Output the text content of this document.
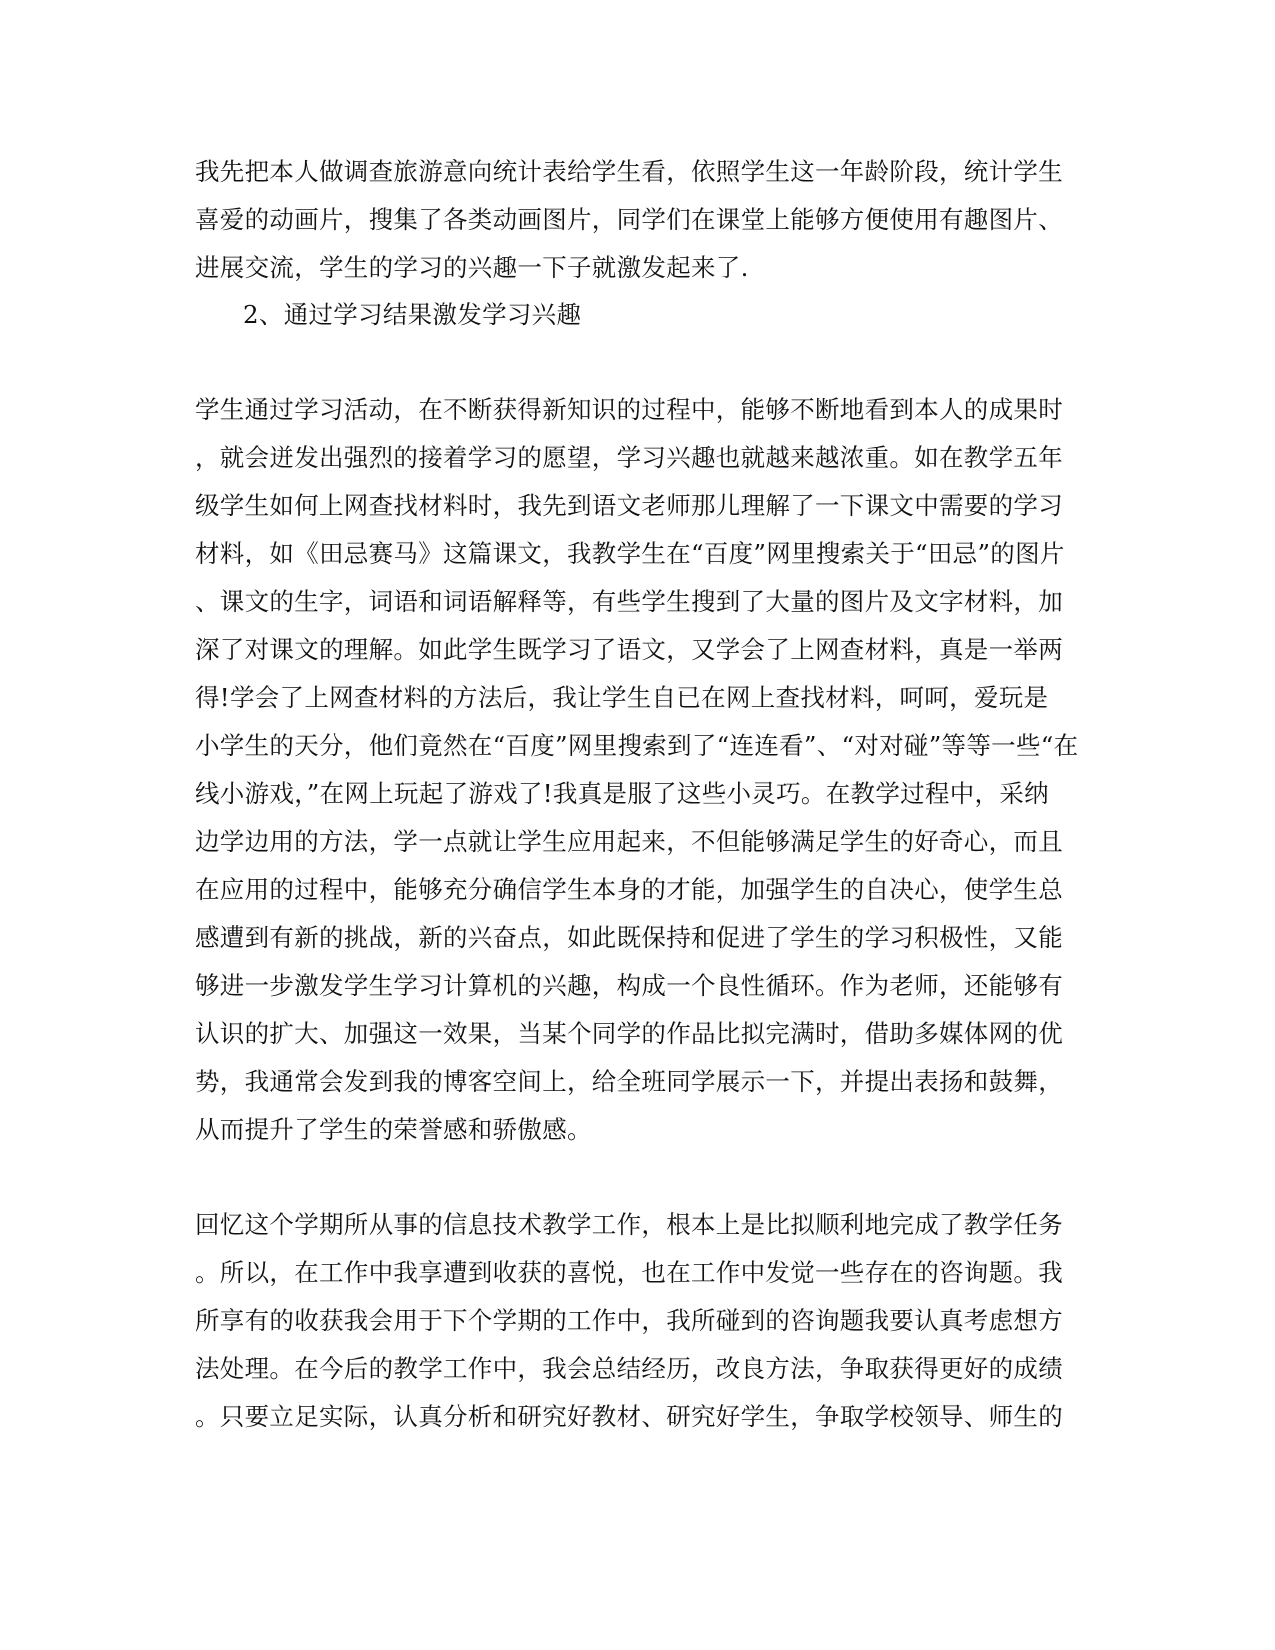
我先把本人做调查旅游意向统计表给学生看，依照学生这一年龄阶段，统计学生
喜爱的动画片，搜集了各类动画图片，同学们在课堂上能够方便使用有趣图片、
进展交流，学生的学习的兴趣一下子就激发起来了.
2、通过学习结果激发学习兴趣
学生通过学习活动，在不断获得新知识的过程中，能够不断地看到本人的成果时
，就会迸发出强烈的接着学习的愿望，学习兴趣也就越来越浓重。如在教学五年
级学生如何上网查找材料时，我先到语文老师那儿理解了一下课文中需要的学习
材料，如《田忌赛马》这篇课文，我教学生在“百度”网里搜索关于“田忌”的图片
、课文的生字，词语和词语解释等，有些学生搜到了大量的图片及文字材料，加
深了对课文的理解。如此学生既学习了语文，又学会了上网查材料，真是一举两
得!学会了上网查材料的方法后，我让学生自已在网上查找材料，呵呵，爱玩是
小学生的天分，他们竟然在“百度”网里搜索到了“连连看”、“对对碰”等等一些“在
线小游戏，”在网上玩起了游戏了!我真是服了这些小灵巧。在教学过程中，采纳
边学边用的方法，学一点就让学生应用起来，不但能够满足学生的好奇心，而且
在应用的过程中，能够充分确信学生本身的才能，加强学生的自决心，使学生总
感遭到有新的挑战，新的兴奋点，如此既保持和促进了学生的学习积极性，又能
够进一步激发学生学习计算机的兴趣，构成一个良性循环。作为老师，还能够有
认识的扩大、加强这一效果，当某个同学的作品比拟完满时，借助多媒体网的优
势，我通常会发到我的博客空间上，给全班同学展示一下，并提出表扬和鼓舞，
从而提升了学生的荣誉感和骄傲感。
回忆这个学期所从事的信息技术教学工作，根本上是比拟顺利地完成了教学任务
。所以，在工作中我享遭到收获的喜悦，也在工作中发觉一些存在的咨询题。我
所享有的收获我会用于下个学期的工作中，我所碰到的咨询题我要认真考虑想方
法处理。在今后的教学工作中，我会总结经历，改良方法，争取获得更好的成绩
。只要立足实际，认真分析和研究好教材、研究好学生，争取学校领导、师生的
